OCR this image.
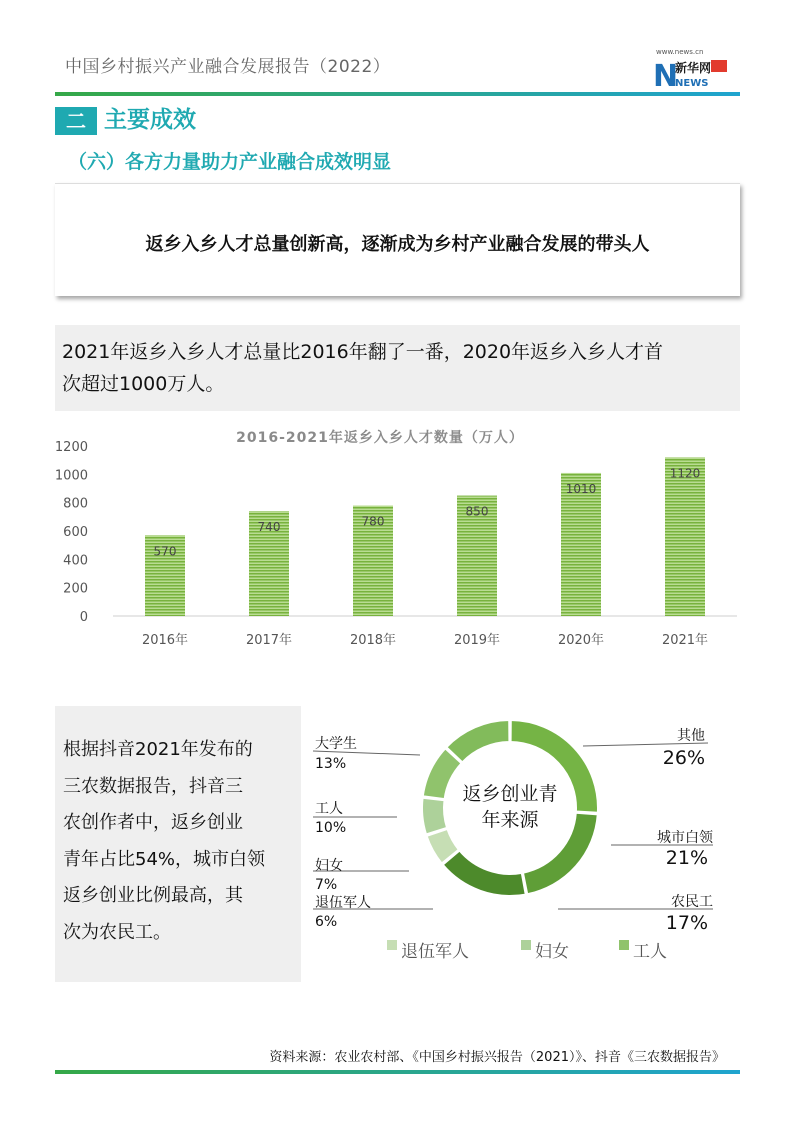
中国乡村振兴产业融合发展报告（2022）
www.news.cn
N
新华网
NEWS
二 主要成效
（六）各方力量助力产业融合成效明显
返乡入乡人才总量创新高，逐渐成为乡村产业融合发展的带头人
2021年返乡入乡人才总量比2016年翻了一番，2020年返乡入乡人才首
次超过1000万人。
2016-2021年返乡入乡人才数量（万人）
0
200
400
600
800
1000
1200
570
740	780
850
1010
1120
2016年	2017年	2018年	2019年	2020年	2021年
根据抖音2021年发布的
三农数据报告，抖音三
农创作者中，返乡创业
青年占比54%，城市白领
返乡创业比例最高，其
次为农民工。
返乡创业青
年来源
其他
26%
城市白领
21%
农民工
17%
大学生
13%
工人
10%
妇女
7%
退伍军人
6%
退伍军人	妇女	工人
资料来源：农业农村部、《中国乡村振兴报告（2021）》、抖音《三农数据报告》
